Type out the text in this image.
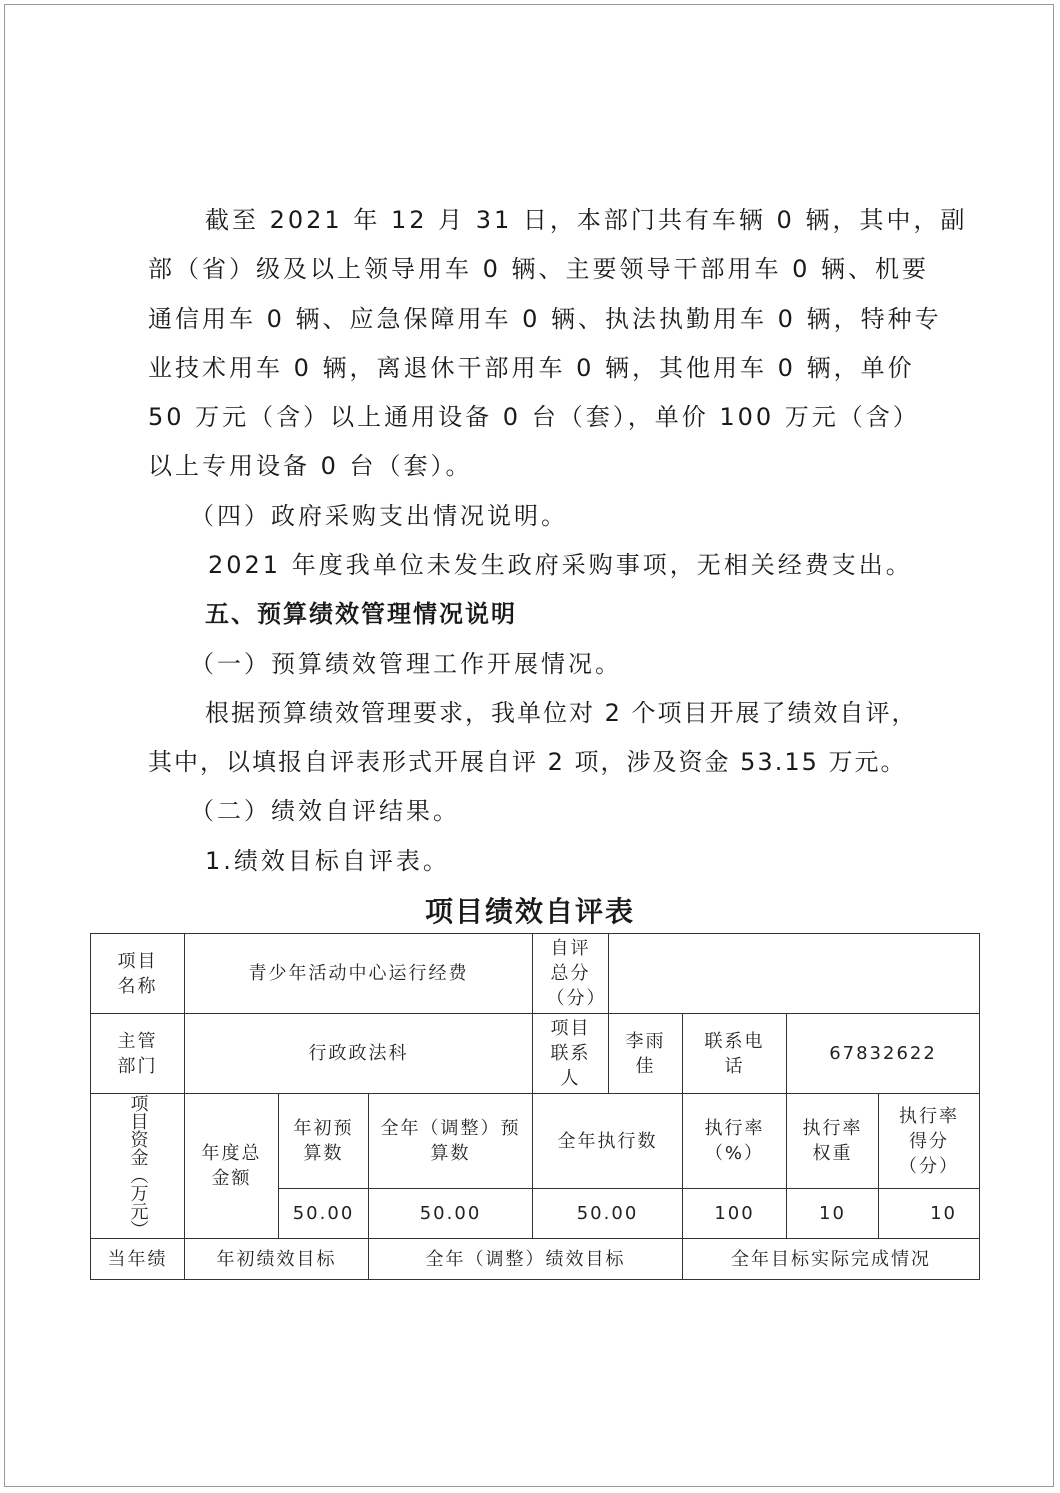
截至 2021 年 12 月 31 日，本部门共有车辆 0 辆，其中，副
部（省）级及以上领导用车 0 辆、主要领导干部用车 0 辆、机要
通信用车 0 辆、应急保障用车 0 辆、执法执勤用车 0 辆，特种专
业技术用车 0 辆，离退休干部用车 0 辆，其他用车 0 辆，单价
50 万元（含）以上通用设备 0 台（套），单价 100 万元（含）
以上专用设备 0 台（套）。
（四）政府采购支出情况说明。
2021 年度我单位未发生政府采购事项，无相关经费支出。
五、预算绩效管理情况说明
（一）预算绩效管理工作开展情况。
根据预算绩效管理要求，我单位对 2 个项目开展了绩效自评，
其中，以填报自评表形式开展自评 2 项，涉及资金 53.15 万元。
（二）绩效自评结果。
1.绩效目标自评表。
项目绩效自评表
项目名称	青少年活动中心运行经费			自评总分（分）				
主管部门	行政政法科			项目联系人	李雨佳	联系电话	67832622	

项目资金（万元）	年度总金额	年初预算数	全年（调整）预算数	全年执行数		执行率（%）	执行率权重	执行率得分（分）
		50.00	50.00	50.00		100	10	10
当年绩	年初绩效目标		全年（调整）绩效目标			全年目标实际完成情况		
